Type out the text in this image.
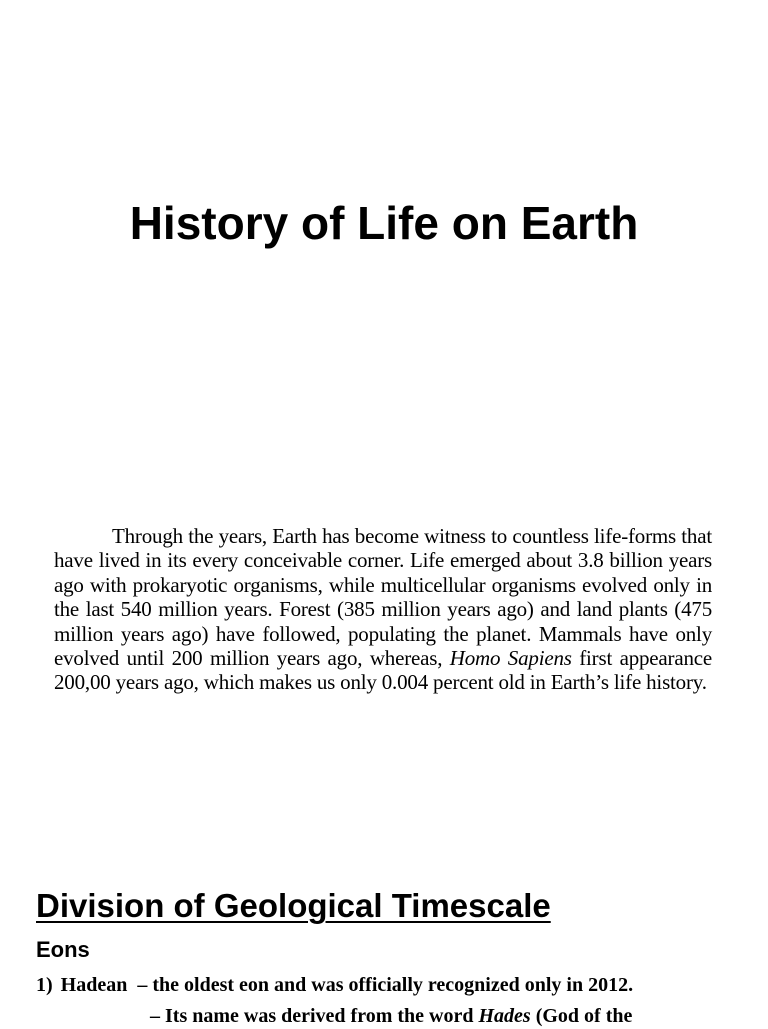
History of Life on Earth

Through the years, Earth has become witness to countless life-forms that have lived in its every conceivable corner. Life emerged about 3.8 billion years ago with prokaryotic organisms, while multicellular organisms evolved only in the last 540 million years. Forest (385 million years ago) and land plants (475 million years ago) have followed, populating the planet. Mammals have only evolved until 200 million years ago, whereas, Homo Sapiens first appearance 200,00 years ago, which makes us only 0.004 percent old in Earth’s life history.

Division of Geological Timescale
Eons

1) Hadean – the oldest eon and was officially recognized only in 2012.

– Its name was derived from the word Hades (God of the
